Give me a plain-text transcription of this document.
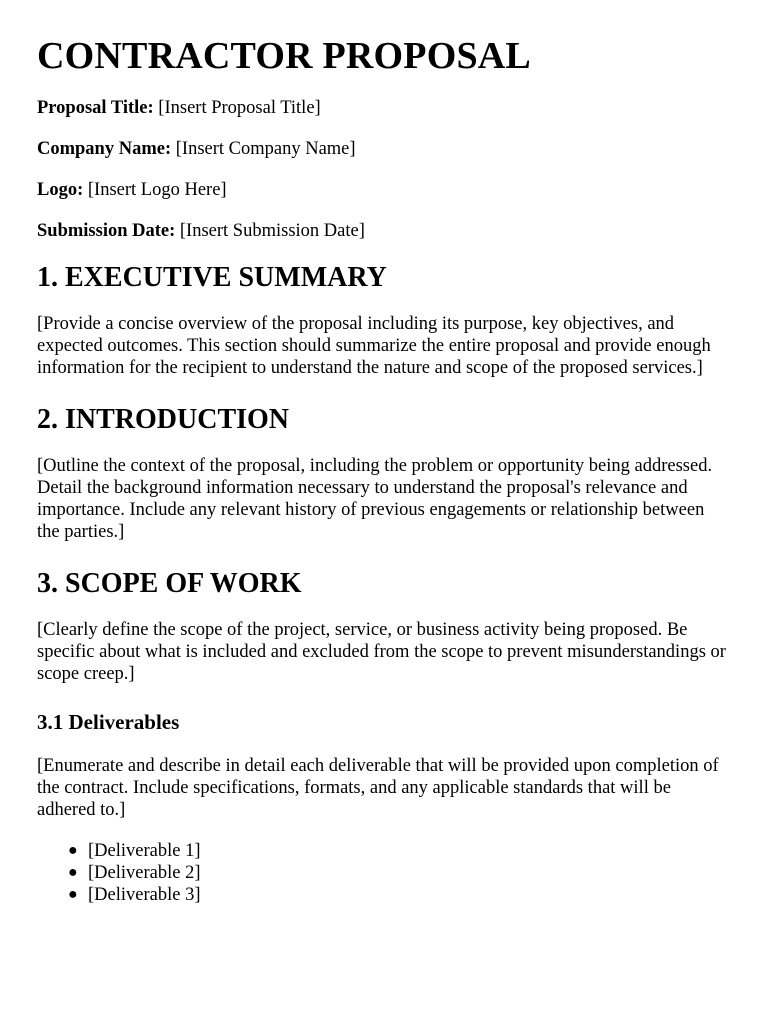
CONTRACTOR PROPOSAL

Proposal Title: [Insert Proposal Title]

Company Name: [Insert Company Name]

Logo: [Insert Logo Here]

Submission Date: [Insert Submission Date]

1. EXECUTIVE SUMMARY

[Provide a concise overview of the proposal including its purpose, key objectives, and expected outcomes. This section should summarize the entire proposal and provide enough information for the recipient to understand the nature and scope of the proposed services.]

2. INTRODUCTION

[Outline the context of the proposal, including the problem or opportunity being addressed. Detail the background information necessary to understand the proposal's relevance and importance. Include any relevant history of previous engagements or relationship between the parties.]

3. SCOPE OF WORK

[Clearly define the scope of the project, service, or business activity being proposed. Be specific about what is included and excluded from the scope to prevent misunderstandings or scope creep.]

3.1 Deliverables

[Enumerate and describe in detail each deliverable that will be provided upon completion of the contract. Include specifications, formats, and any applicable standards that will be adhered to.]

● [Deliverable 1]
● [Deliverable 2]
● [Deliverable 3]
